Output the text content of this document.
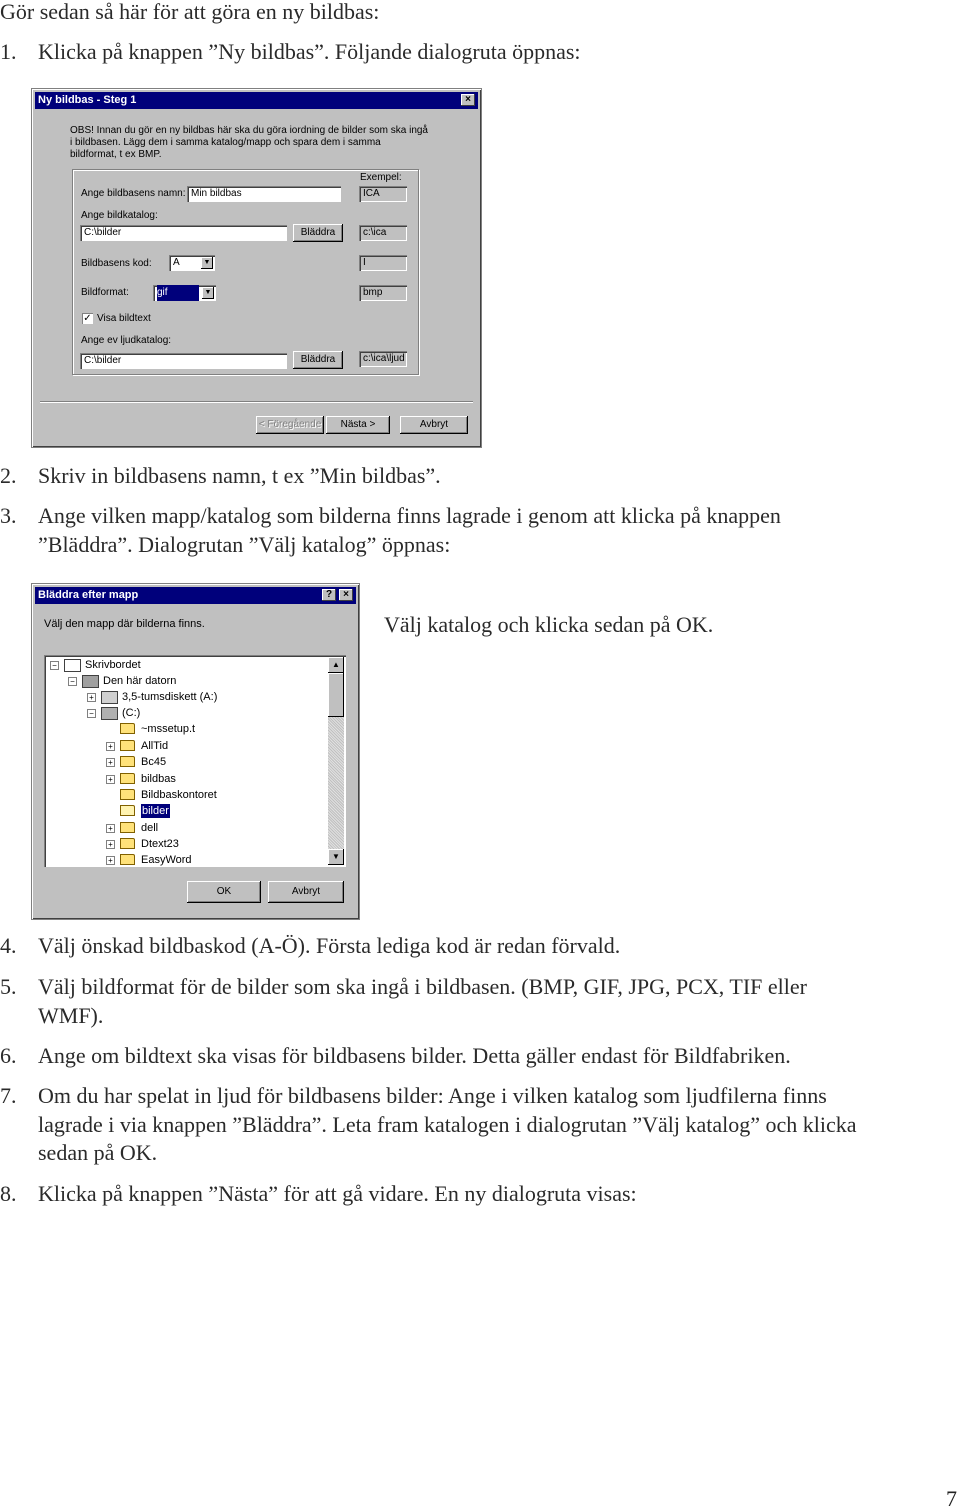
Gör sedan så här för att göra en ny bildbas:
1. Klicka på knappen ”Ny bildbas”. Följande dialogruta öppnas:
Ny bildbas - Steg 1	×
OBS! Innan du gör en ny bildbas här ska du göra iordning de bilder som ska ingå i bildbasen. Lägg dem i samma katalog/mapp och spara dem i samma bildformat, t ex BMP.
Exempel:
Ange bildbasens namn: Min bildbas	ICA
Ange bildkatalog:
C:\bilder	Bläddra	c:\ica
Bildbasens kod:	A	▼	I
Bildformat:	gif	▼	bmp
✓ Visa bildtext
Ange ev ljudkatalog:
C:\bilder	Bläddra	c:\ica\ljud
< Föregående	Nästa >	Avbryt
2. Skriv in bildbasens namn, t ex ”Min bildbas”.
3. Ange vilken mapp/katalog som bilderna finns lagrade i genom att klicka på knappen
”Bläddra”. Dialogrutan ”Välj katalog” öppnas:
Bläddra efter mapp	?	×
Välj den mapp där bilderna finns.
−	Skrivbordet
−	Den här datorn
+	3,5-tumsdiskett (A:)
−	(C:)
~mssetup.t
+	AllTid
+	Bc45
+	bildbas
Bildbaskontoret
bilder
+	dell
+	Dtext23
+	EasyWord
▲
▼
OK	Avbryt
Välj katalog och klicka sedan på OK.
4. Välj önskad bildbaskod (A-Ö). Första lediga kod är redan förvald.
5. Välj bildformat för de bilder som ska ingå i bildbasen. (BMP, GIF, JPG, PCX, TIF eller
WMF).
6. Ange om bildtext ska visas för bildbasens bilder. Detta gäller endast för Bildfabriken.
7. Om du har spelat in ljud för bildbasens bilder: Ange i vilken katalog som ljudfilerna finns
lagrade i via knappen ”Bläddra”. Leta fram katalogen i dialogrutan ”Välj katalog” och klicka
sedan på OK.
8. Klicka på knappen ”Nästa” för att gå vidare. En ny dialogruta visas:
7
